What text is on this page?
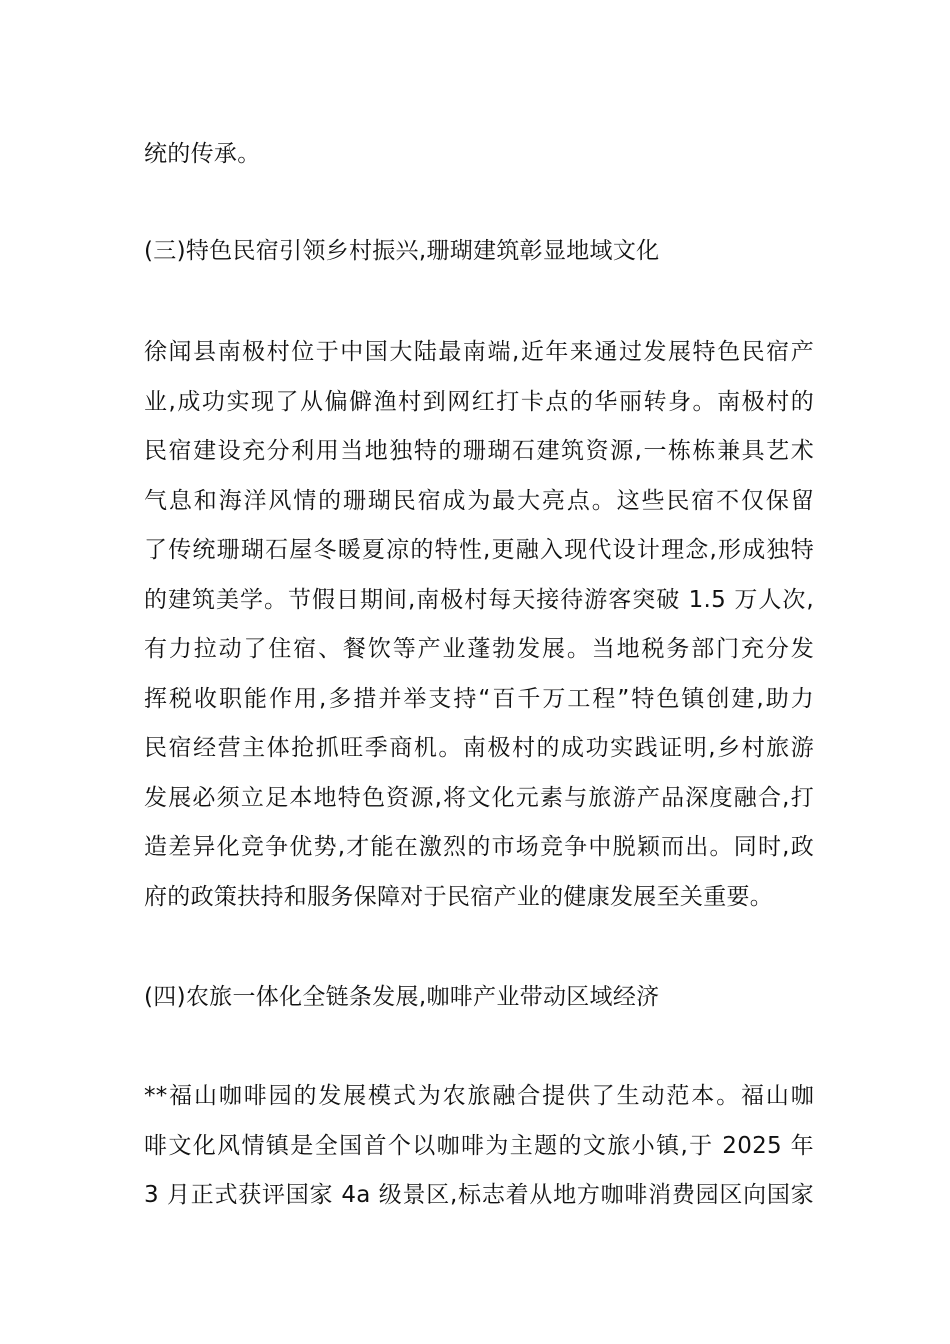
统的传承。
(三)特色民宿引领乡村振兴,珊瑚建筑彰显地域文化
徐闻县南极村位于中国大陆最南端,近年来通过发展特色民宿产
业,成功实现了从偏僻渔村到网红打卡点的华丽转身。南极村的
民宿建设充分利用当地独特的珊瑚石建筑资源,一栋栋兼具艺术
气息和海洋风情的珊瑚民宿成为最大亮点。这些民宿不仅保留
了传统珊瑚石屋冬暖夏凉的特性,更融入现代设计理念,形成独特
的建筑美学。节假日期间,南极村每天接待游客突破 1.5 万人次,
有力拉动了住宿、餐饮等产业蓬勃发展。当地税务部门充分发
挥税收职能作用,多措并举支持“百千万工程”特色镇创建,助力
民宿经营主体抢抓旺季商机。南极村的成功实践证明,乡村旅游
发展必须立足本地特色资源,将文化元素与旅游产品深度融合,打
造差异化竞争优势,才能在激烈的市场竞争中脱颖而出。同时,政
府的政策扶持和服务保障对于民宿产业的健康发展至关重要。
(四)农旅一体化全链条发展,咖啡产业带动区域经济
**福山咖啡园的发展模式为农旅融合提供了生动范本。福山咖
啡文化风情镇是全国首个以咖啡为主题的文旅小镇,于 2025 年
3 月正式获评国家 4a 级景区,标志着从地方咖啡消费园区向国家
